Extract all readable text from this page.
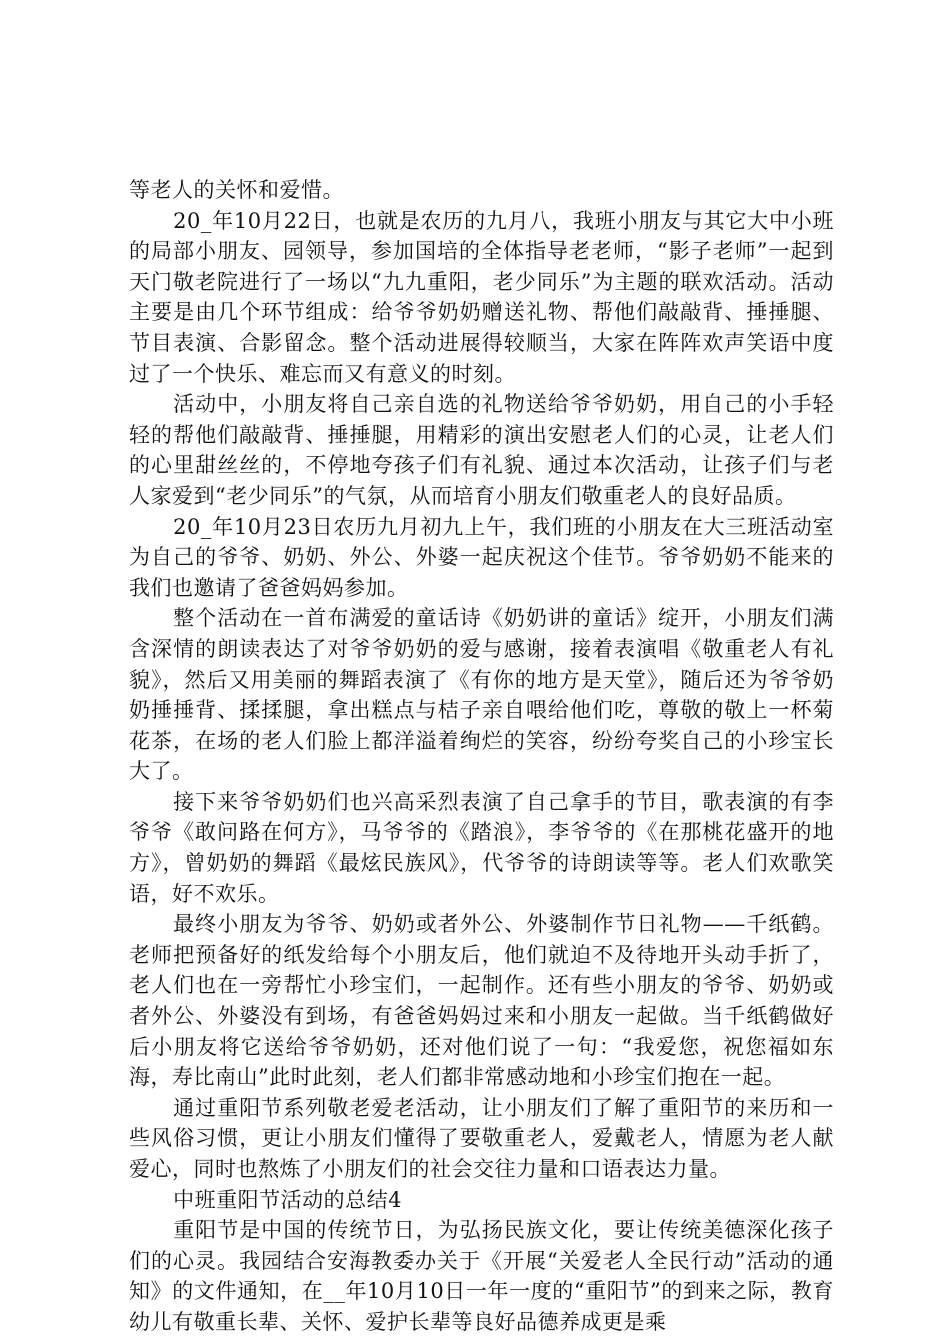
等老人的关怀和爱惜。

20_年10月22日，也就是农历的九月八，我班小朋友与其它大中小班的局部小朋友、园领导，参加国培的全体指导老老师，“影子老师”一起到天门敬老院进行了一场以“九九重阳，老少同乐”为主题的联欢活动。活动主要是由几个环节组成：给爷爷奶奶赠送礼物、帮他们敲敲背、捶捶腿、节目表演、合影留念。整个活动进展得较顺当，大家在阵阵欢声笑语中度过了一个快乐、难忘而又有意义的时刻。

活动中，小朋友将自己亲自选的礼物送给爷爷奶奶，用自己的小手轻轻的帮他们敲敲背、捶捶腿，用精彩的演出安慰老人们的心灵，让老人们的心里甜丝丝的，不停地夸孩子们有礼貌、通过本次活动，让孩子们与老人家爱到“老少同乐”的气氛，从而培育小朋友们敬重老人的良好品质。

20_年10月23日农历九月初九上午，我们班的小朋友在大三班活动室为自己的爷爷、奶奶、外公、外婆一起庆祝这个佳节。爷爷奶奶不能来的我们也邀请了爸爸妈妈参加。

整个活动在一首布满爱的童话诗《奶奶讲的童话》绽开，小朋友们满含深情的朗读表达了对爷爷奶奶的爱与感谢，接着表演唱《敬重老人有礼貌》，然后又用美丽的舞蹈表演了《有你的地方是天堂》，随后还为爷爷奶奶捶捶背、揉揉腿，拿出糕点与桔子亲自喂给他们吃，尊敬的敬上一杯菊花茶，在场的老人们脸上都洋溢着绚烂的笑容，纷纷夸奖自己的小珍宝长大了。

接下来爷爷奶奶们也兴高采烈表演了自己拿手的节目，歌表演的有李爷爷《敢问路在何方》，马爷爷的《踏浪》，李爷爷的《在那桃花盛开的地方》，曾奶奶的舞蹈《最炫民族风》，代爷爷的诗朗读等等。老人们欢歌笑语，好不欢乐。

最终小朋友为爷爷、奶奶或者外公、外婆制作节日礼物——千纸鹤。老师把预备好的纸发给每个小朋友后，他们就迫不及待地开头动手折了，老人们也在一旁帮忙小珍宝们，一起制作。还有些小朋友的爷爷、奶奶或者外公、外婆没有到场，有爸爸妈妈过来和小朋友一起做。当千纸鹤做好后小朋友将它送给爷爷奶奶，还对他们说了一句：“我爱您，祝您福如东海，寿比南山”此时此刻，老人们都非常感动地和小珍宝们抱在一起。

通过重阳节系列敬老爱老活动，让小朋友们了解了重阳节的来历和一些风俗习惯，更让小朋友们懂得了要敬重老人，爱戴老人，情愿为老人献爱心，同时也熬炼了小朋友们的社会交往力量和口语表达力量。

中班重阳节活动的总结4

重阳节是中国的传统节日，为弘扬民族文化，要让传统美德深化孩子们的心灵。我园结合安海教委办关于《开展“关爱老人全民行动”活动的通知》的文件通知，在__年10月10日一年一度的“重阳节”的到来之际，教育幼儿有敬重长辈、关怀、爱护长辈等良好品德养成更是乘
